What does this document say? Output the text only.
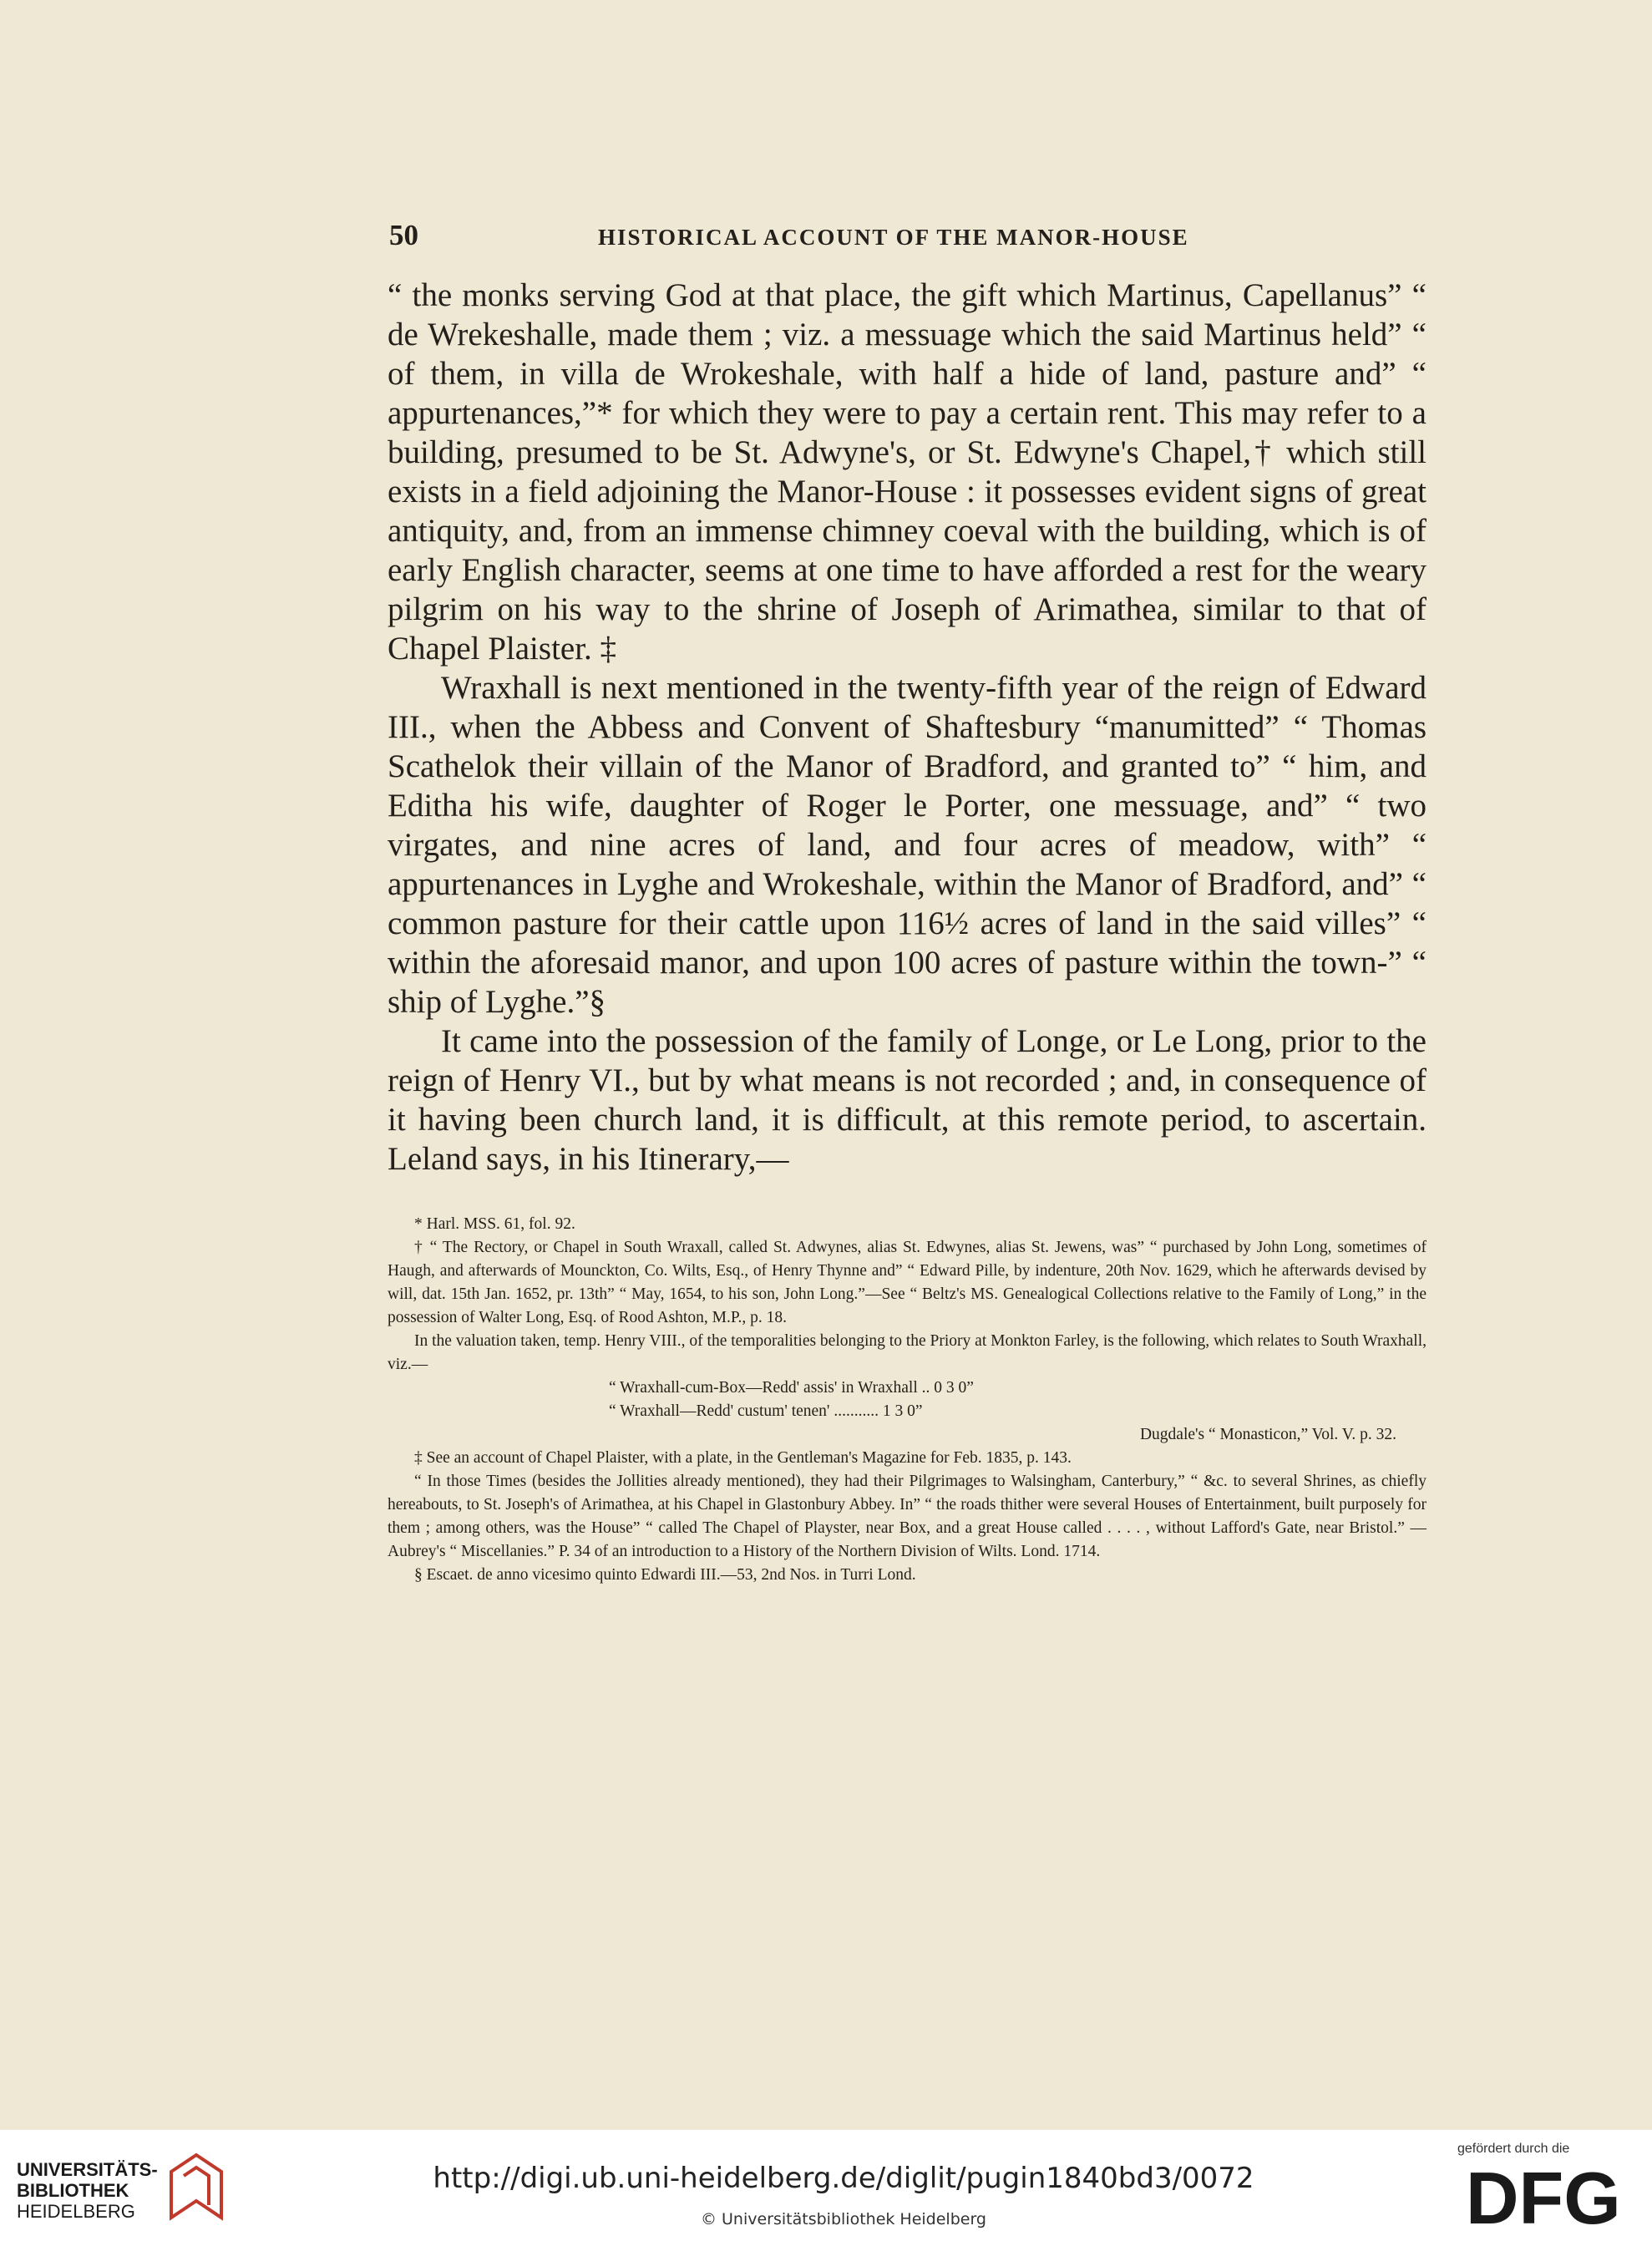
50	HISTORICAL ACCOUNT OF THE MANOR-HOUSE

“ the monks serving God at that place, the gift which Martinus, Capellanus” “ de Wrekeshalle, made them ; viz. a messuage which the said Martinus held” “ of them, in villa de Wrokeshale, with half a hide of land, pasture and” “ appurtenances,”* for which they were to pay a certain rent. This may refer to a building, presumed to be St. Adwyne's, or St. Edwyne's Chapel,† which still exists in a field adjoining the Manor-House : it possesses evident signs of great antiquity, and, from an immense chimney coeval with the building, which is of early English character, seems at one time to have afforded a rest for the weary pilgrim on his way to the shrine of Joseph of Arimathea, similar to that of Chapel Plaister. ‡

Wraxhall is next mentioned in the twenty-fifth year of the reign of Edward III., when the Abbess and Convent of Shaftesbury “manumitted” “ Thomas Scathelok their villain of the Manor of Bradford, and granted to” “ him, and Editha his wife, daughter of Roger le Porter, one messuage, and” “ two virgates, and nine acres of land, and four acres of meadow, with” “ appurtenances in Lyghe and Wrokeshale, within the Manor of Bradford, and” “ common pasture for their cattle upon 116½ acres of land in the said villes” “ within the aforesaid manor, and upon 100 acres of pasture within the town-” “ ship of Lyghe.”§

It came into the possession of the family of Longe, or Le Long, prior to the reign of Henry VI., but by what means is not recorded ; and, in consequence of it having been church land, it is difficult, at this remote period, to ascertain. Leland says, in his Itinerary,—

* Harl. MSS. 61, fol. 92.

† “ The Rectory, or Chapel in South Wraxall, called St. Adwynes, alias St. Edwynes, alias St. Jewens, was” “ purchased by John Long, sometimes of Haugh, and afterwards of Mounckton, Co. Wilts, Esq., of Henry Thynne and” “ Edward Pille, by indenture, 20th Nov. 1629, which he afterwards devised by will, dat. 15th Jan. 1652, pr. 13th” “ May, 1654, to his son, John Long.”—See “ Beltz's MS. Genealogical Collections relative to the Family of Long,” in the possession of Walter Long, Esq. of Rood Ashton, M.P., p. 18.

In the valuation taken, temp. Henry VIII., of the temporalities belonging to the Priory at Monkton Farley, is the following, which relates to South Wraxhall, viz.—

“ Wraxhall-cum-Box—Redd' assis' in Wraxhall .. 0 3 0”

“ Wraxhall—Redd' custum' tenen' ........... 1 3 0”

Dugdale's “ Monasticon,” Vol. V. p. 32.

‡ See an account of Chapel Plaister, with a plate, in the Gentleman's Magazine for Feb. 1835, p. 143.

“ In those Times (besides the Jollities already mentioned), they had their Pilgrimages to Walsingham, Canterbury,” “ &c. to several Shrines, as chiefly hereabouts, to St. Joseph's of Arimathea, at his Chapel in Glastonbury Abbey. In” “ the roads thither were several Houses of Entertainment, built purposely for them ; among others, was the House” “ called The Chapel of Playster, near Box, and a great House called . . . . , without Lafford's Gate, near Bristol.” —Aubrey's “ Miscellanies.” P. 34 of an introduction to a History of the Northern Division of Wilts. Lond. 1714.

§ Escaet. de anno vicesimo quinto Edwardi III.—53, 2nd Nos. in Turri Lond.

UNIVERSITÄTS-
BIBLIOTHEK
HEIDELBERG
http://digi.ub.uni-heidelberg.de/diglit/pugin1840bd3/0072
© Universitätsbibliothek Heidelberg
gefördert durch die
DFG
